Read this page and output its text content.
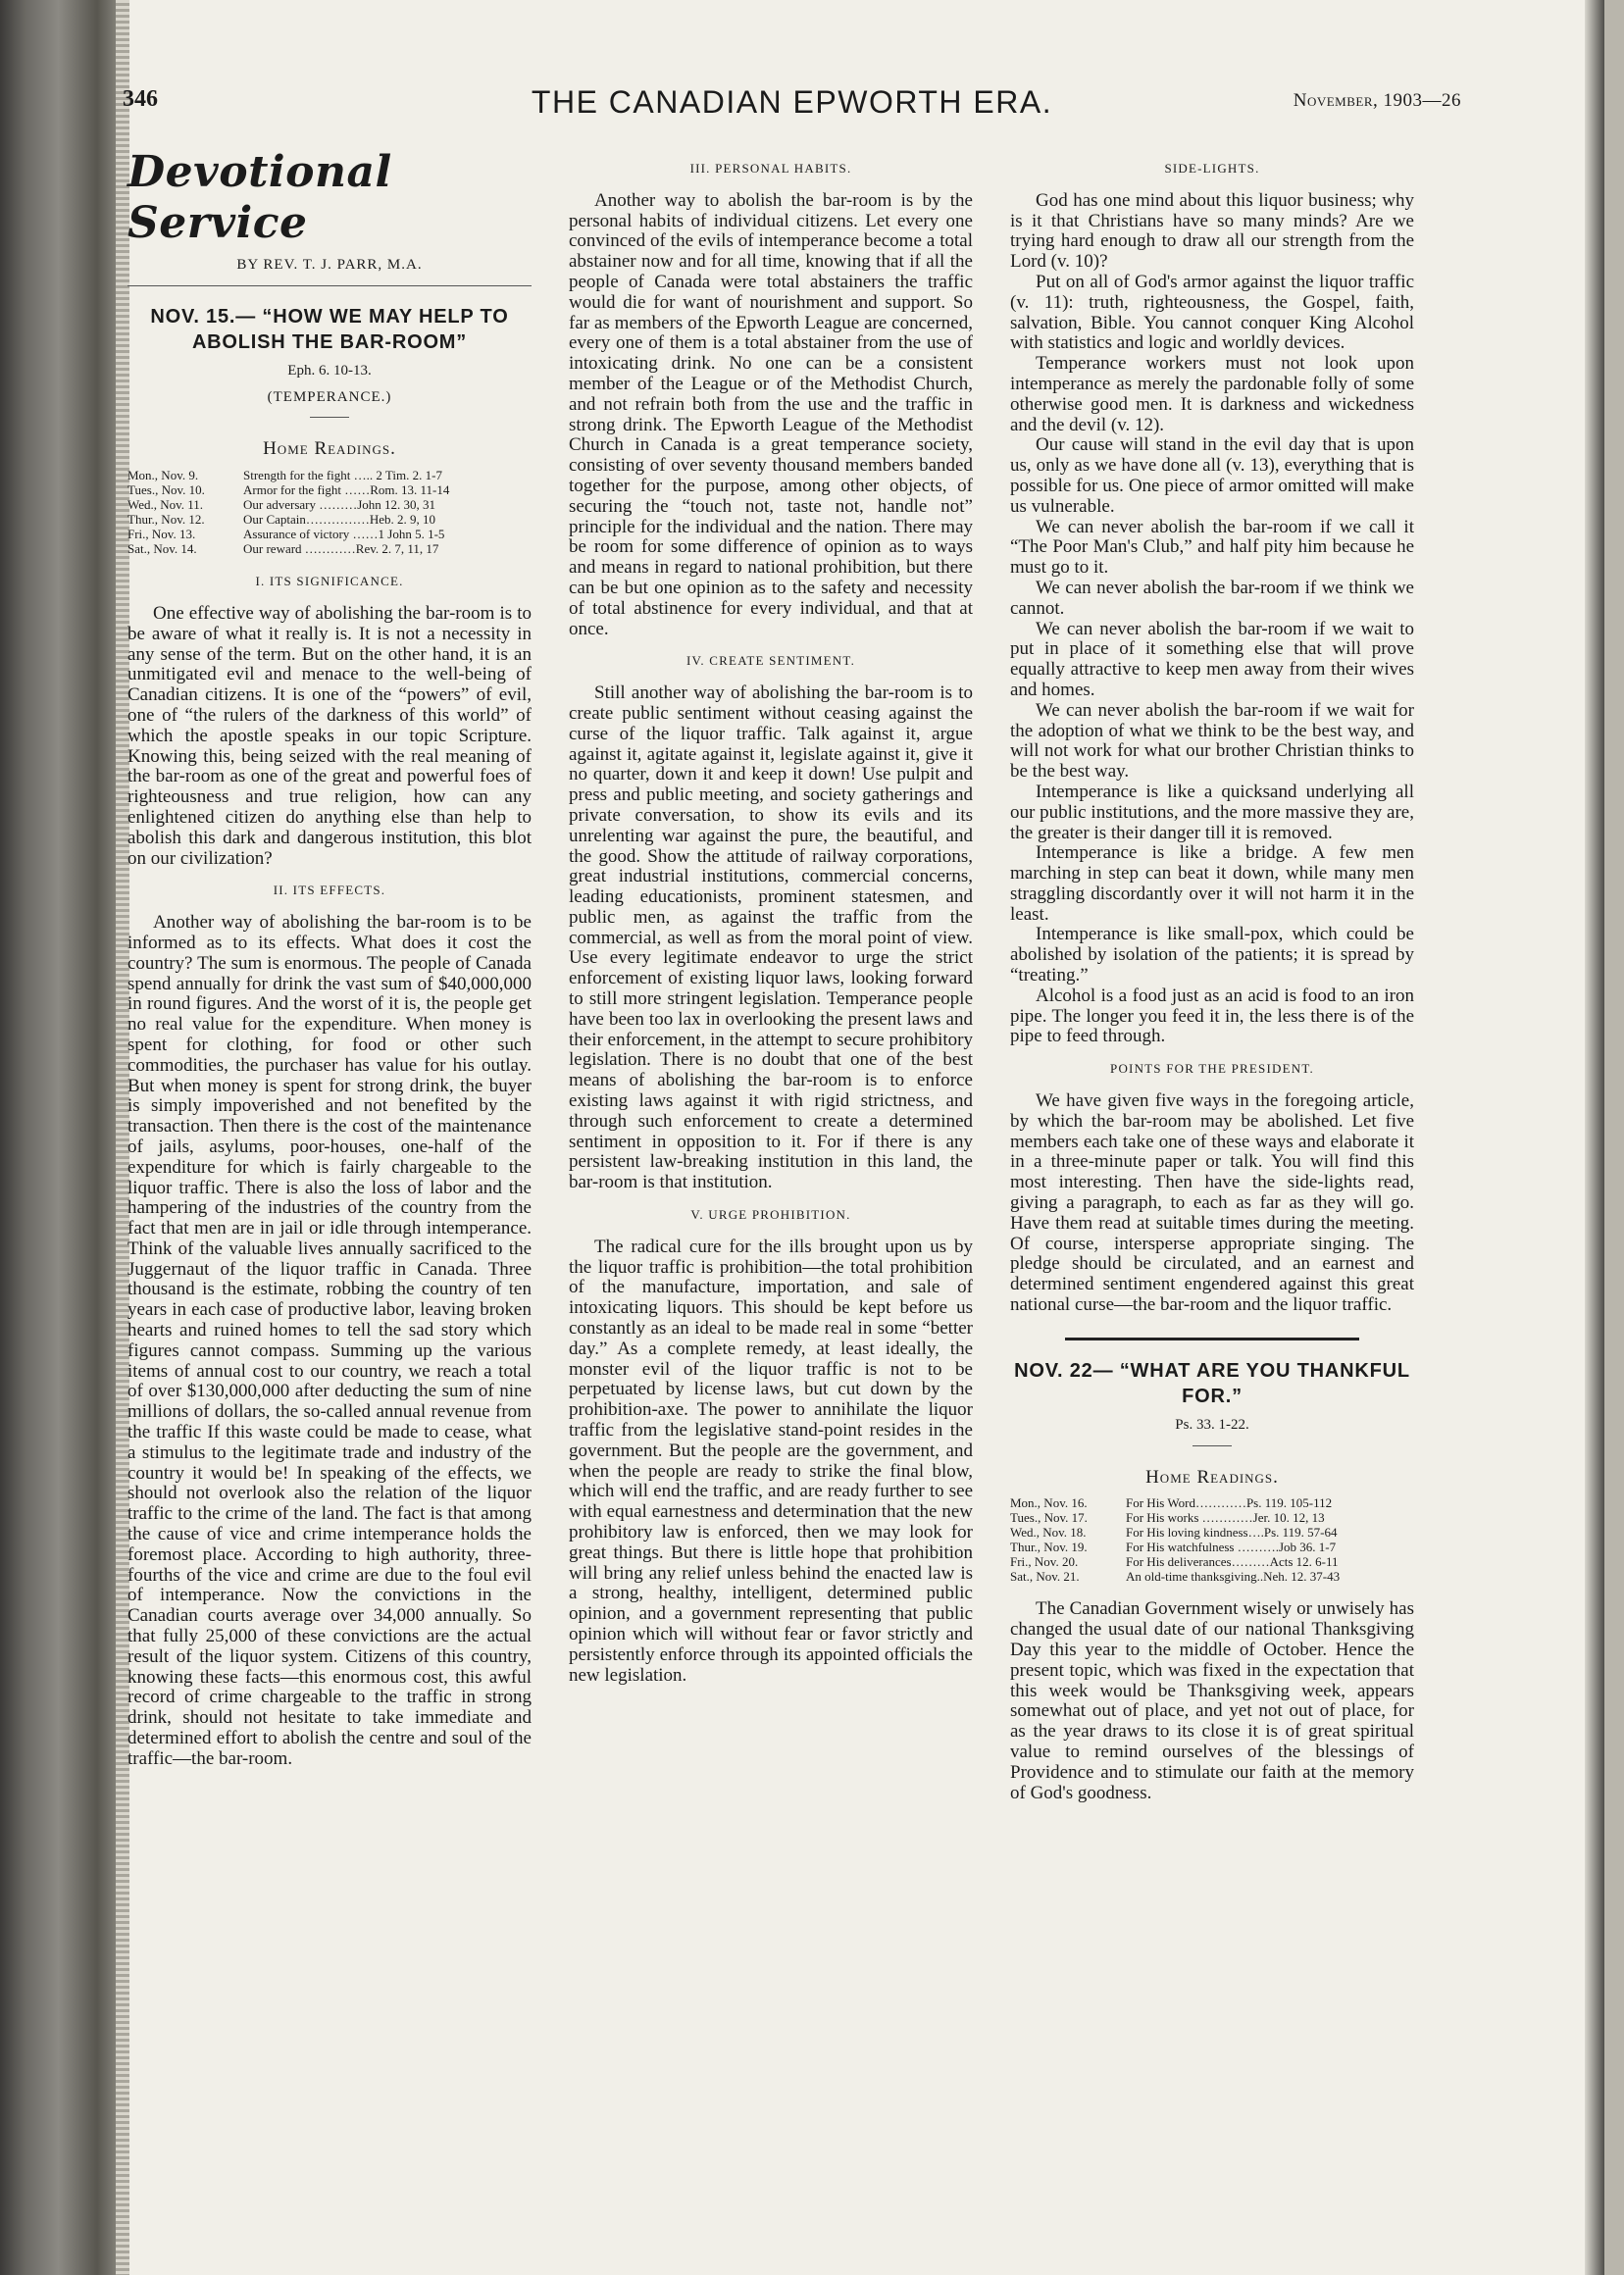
346	THE CANADIAN EPWORTH ERA.	November, 1903—26
Devotional Service
BY REV. T. J. PARR, M.A.
NOV. 15.— “HOW WE MAY HELP TO ABOLISH THE BAR-ROOM”
Eph. 6. 10-13.
(TEMPERANCE.)
Home Readings.
Mon., Nov. 9.	Strength for the fight ….. 2 Tim. 2. 1-7
Tues., Nov. 10.	Armor for the fight ……Rom. 13. 11-14
Wed., Nov. 11.	Our adversary ………John 12. 30, 31
Thur., Nov. 12.	Our Captain……………Heb. 2. 9, 10
Fri., Nov. 13.	Assurance of victory ……1 John 5. 1-5
Sat., Nov. 14.	Our reward …………Rev. 2. 7, 11, 17
I. ITS SIGNIFICANCE.

One effective way of abolishing the bar-room is to be aware of what it really is. It is not a necessity in any sense of the term. But on the other hand, it is an unmitigated evil and menace to the well-being of Canadian citizens. It is one of the “powers” of evil, one of “the rulers of the darkness of this world” of which the apostle speaks in our topic Scripture. Knowing this, being seized with the real meaning of the bar-room as one of the great and powerful foes of righteousness and true religion, how can any enlightened citizen do anything else than help to abolish this dark and dangerous institution, this blot on our civilization?

II. ITS EFFECTS.

Another way of abolishing the bar-room is to be informed as to its effects. What does it cost the country? The sum is enormous. The people of Canada spend annually for drink the vast sum of $40,000,000 in round figures. And the worst of it is, the people get no real value for the expenditure. When money is spent for clothing, for food or other such commodities, the purchaser has value for his outlay. But when money is spent for strong drink, the buyer is simply impoverished and not benefited by the transaction. Then there is the cost of the maintenance of jails, asylums, poor-houses, one-half of the expenditure for which is fairly chargeable to the liquor traffic. There is also the loss of labor and the hampering of the industries of the country from the fact that men are in jail or idle through intemperance. Think of the valuable lives annually sacrificed to the Juggernaut of the liquor traffic in Canada. Three thousand is the estimate, robbing the country of ten years in each case of productive labor, leaving broken hearts and ruined homes to tell the sad story which figures cannot compass. Summing up the various items of annual cost to our country, we reach a total of over $130,000,000 after deducting the sum of nine millions of dollars, the so-called annual revenue from the traffic If this waste could be made to cease, what a stimulus to the legitimate trade and industry of the country it would be! In speaking of the effects, we should not overlook also the relation of the liquor traffic to the crime of the land. The fact is that among the cause of vice and crime intemperance holds the foremost place. According to high authority, three-fourths of the vice and crime are due to the foul evil of intemperance. Now the convictions in the Canadian courts average over 34,000 annually. So that fully 25,000 of these convictions are the actual result of the liquor system. Citizens of this country, knowing these facts—this enormous cost, this awful record of crime chargeable to the traffic in strong drink, should not hesitate to take immediate and determined effort to abolish the centre and soul of the traffic—the bar-room.

III. PERSONAL HABITS.

Another way to abolish the bar-room is by the personal habits of individual citizens. Let every one convinced of the evils of intemperance become a total abstainer now and for all time, knowing that if all the people of Canada were total abstainers the traffic would die for want of nourishment and support. So far as members of the Epworth League are concerned, every one of them is a total abstainer from the use of intoxicating drink. No one can be a consistent member of the League or of the Methodist Church, and not refrain both from the use and the traffic in strong drink. The Epworth League of the Methodist Church in Canada is a great temperance society, consisting of over seventy thousand members banded together for the purpose, among other objects, of securing the “touch not, taste not, handle not” principle for the individual and the nation. There may be room for some difference of opinion as to ways and means in regard to national prohibition, but there can be but one opinion as to the safety and necessity of total abstinence for every individual, and that at once.

IV. CREATE SENTIMENT.

Still another way of abolishing the bar-room is to create public sentiment without ceasing against the curse of the liquor traffic. Talk against it, argue against it, agitate against it, legislate against it, give it no quarter, down it and keep it down! Use pulpit and press and public meeting, and society gatherings and private conversation, to show its evils and its unrelenting war against the pure, the beautiful, and the good. Show the attitude of railway corporations, great industrial institutions, commercial concerns, leading educationists, prominent statesmen, and public men, as against the traffic from the commercial, as well as from the moral point of view. Use every legitimate endeavor to urge the strict enforcement of existing liquor laws, looking forward to still more stringent legislation. Temperance people have been too lax in overlooking the present laws and their enforcement, in the attempt to secure prohibitory legislation. There is no doubt that one of the best means of abolishing the bar-room is to enforce existing laws against it with rigid strictness, and through such enforcement to create a determined sentiment in opposition to it. For if there is any persistent law-breaking institution in this land, the bar-room is that institution.

V. URGE PROHIBITION.

The radical cure for the ills brought upon us by the liquor traffic is prohibition—the total prohibition of the manufacture, importation, and sale of intoxicating liquors. This should be kept before us constantly as an ideal to be made real in some “better day.” As a complete remedy, at least ideally, the monster evil of the liquor traffic is not to be perpetuated by license laws, but cut down by the prohibition-axe. The power to annihilate the liquor traffic from the legislative stand-point resides in the government. But the people are the government, and when the people are ready to strike the final blow, which will end the traffic, and are ready further to see with equal earnestness and determination that the new prohibitory law is enforced, then we may look for great things. But there is little hope that prohibition will bring any relief unless behind the enacted law is a strong, healthy, intelligent, determined public opinion, and a government representing that public opinion which will without fear or favor strictly and persistently enforce through its appointed officials the new legislation.

SIDE-LIGHTS.

God has one mind about this liquor business; why is it that Christians have so many minds? Are we trying hard enough to draw all our strength from the Lord (v. 10)?

Put on all of God's armor against the liquor traffic (v. 11): truth, righteousness, the Gospel, faith, salvation, Bible. You cannot conquer King Alcohol with statistics and logic and worldly devices.

Temperance workers must not look upon intemperance as merely the pardonable folly of some otherwise good men. It is darkness and wickedness and the devil (v. 12).

Our cause will stand in the evil day that is upon us, only as we have done all (v. 13), everything that is possible for us. One piece of armor omitted will make us vulnerable.

We can never abolish the bar-room if we call it “The Poor Man's Club,” and half pity him because he must go to it.

We can never abolish the bar-room if we think we cannot.

We can never abolish the bar-room if we wait to put in place of it something else that will prove equally attractive to keep men away from their wives and homes.

We can never abolish the bar-room if we wait for the adoption of what we think to be the best way, and will not work for what our brother Christian thinks to be the best way.

Intemperance is like a quicksand underlying all our public institutions, and the more massive they are, the greater is their danger till it is removed.

Intemperance is like a bridge. A few men marching in step can beat it down, while many men straggling discordantly over it will not harm it in the least.

Intemperance is like small-pox, which could be abolished by isolation of the patients; it is spread by “treating.”

Alcohol is a food just as an acid is food to an iron pipe. The longer you feed it in, the less there is of the pipe to feed through.

POINTS FOR THE PRESIDENT.

We have given five ways in the foregoing article, by which the bar-room may be abolished. Let five members each take one of these ways and elaborate it in a three-minute paper or talk. You will find this most interesting. Then have the side-lights read, giving a paragraph, to each as far as they will go. Have them read at suitable times during the meeting. Of course, intersperse appropriate singing. The pledge should be circulated, and an earnest and determined sentiment engendered against this great national curse—the bar-room and the liquor traffic.

NOV. 22— “WHAT ARE YOU THANKFUL FOR.”
Ps. 33. 1-22.
Home Readings.
Mon., Nov. 16.	For His Word…………Ps. 119. 105-112
Tues., Nov. 17.	For His works …………Jer. 10. 12, 13
Wed., Nov. 18.	For His loving kindness….Ps. 119. 57-64
Thur., Nov. 19.	For His watchfulness ……….Job 36. 1-7
Fri., Nov. 20.	For His deliverances………Acts 12. 6-11
Sat., Nov. 21.	An old-time thanksgiving..Neh. 12. 37-43

The Canadian Government wisely or unwisely has changed the usual date of our national Thanksgiving Day this year to the middle of October. Hence the present topic, which was fixed in the expectation that this week would be Thanksgiving week, appears somewhat out of place, and yet not out of place, for as the year draws to its close it is of great spiritual value to remind ourselves of the blessings of Providence and to stimulate our faith at the memory of God's goodness.
